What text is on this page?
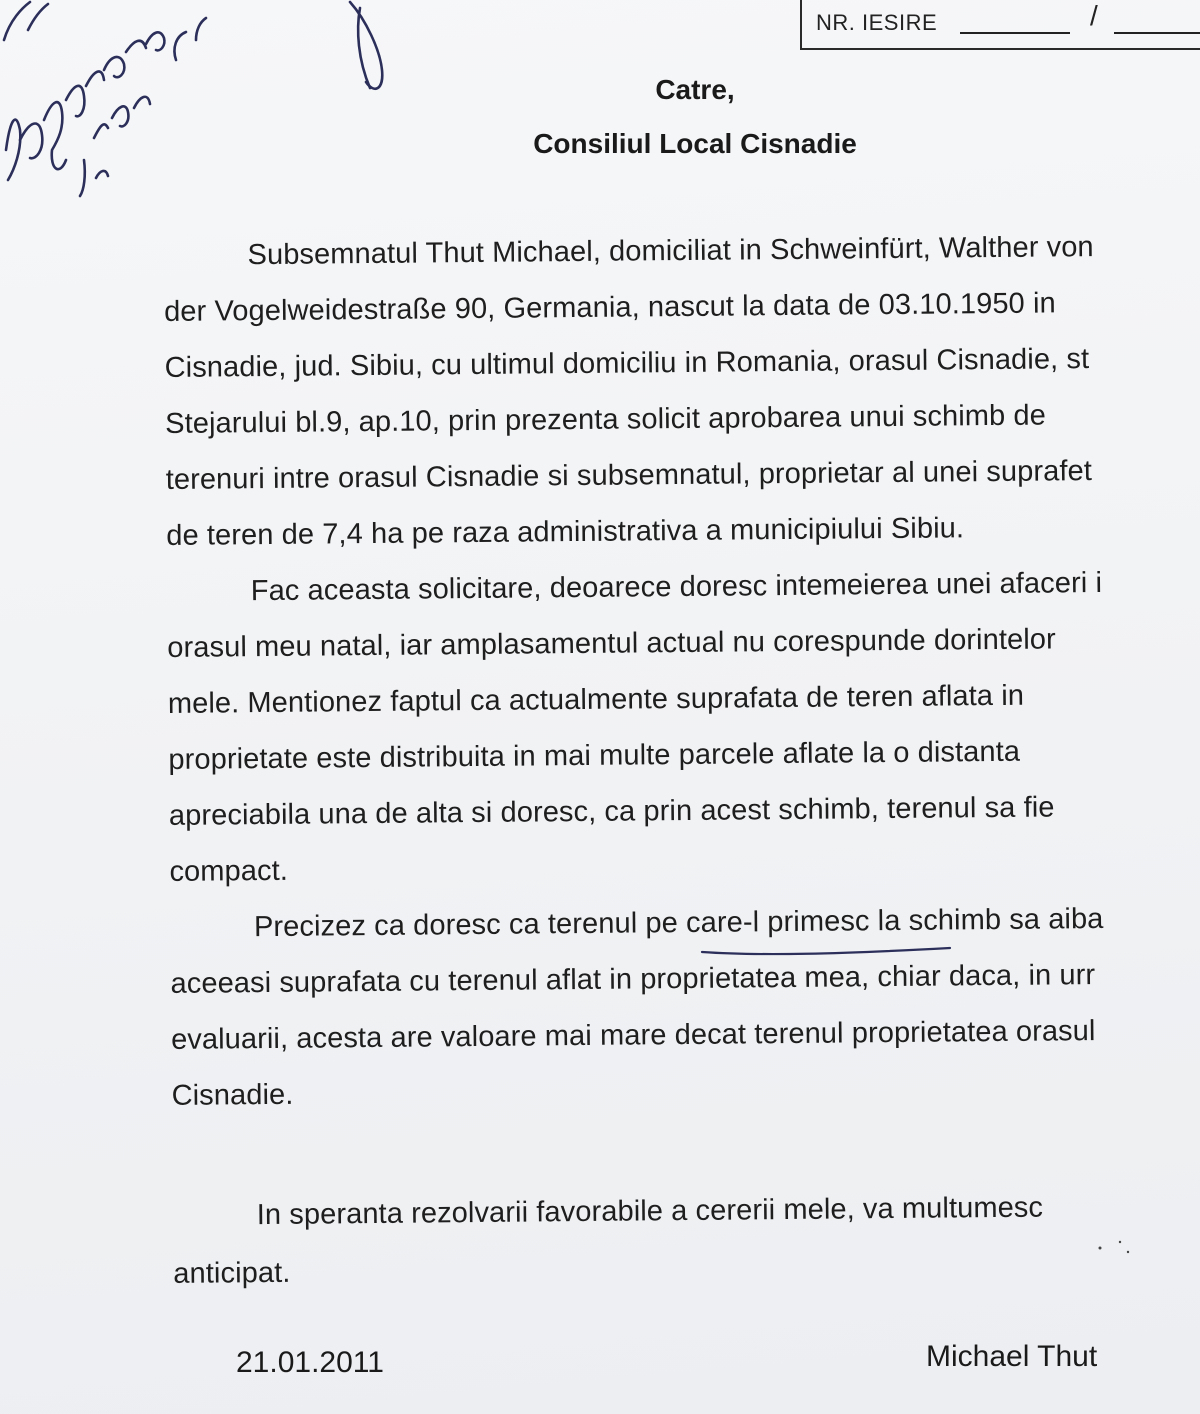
NR. IESIRE	/
Catre,
Consiliul Local Cisnadie
Subsemnatul Thut Michael, domiciliat in Schweinfürt, Walther von
der Vogelweidestraße 90, Germania, nascut la data de 03.10.1950 in
Cisnadie, jud. Sibiu, cu ultimul domiciliu in Romania, orasul Cisnadie, st
Stejarului bl.9, ap.10, prin prezenta solicit aprobarea unui schimb de
terenuri intre orasul Cisnadie si subsemnatul, proprietar al unei suprafet
de teren de 7,4 ha pe raza administrativa a municipiului Sibiu.
Fac aceasta solicitare, deoarece doresc intemeierea unei afaceri i
orasul meu natal, iar amplasamentul actual nu corespunde dorintelor
mele. Mentionez faptul ca actualmente suprafata de teren aflata in
proprietate este distribuita in mai multe parcele aflate la o distanta
apreciabila una de alta si doresc, ca prin acest schimb, terenul sa fie
compact.
Precizez ca doresc ca terenul pe care-l primesc la schimb sa aiba
aceeasi suprafata cu terenul aflat in proprietatea mea, chiar daca, in urr
evaluarii, acesta are valoare mai mare decat terenul proprietatea orasul
Cisnadie.
In speranta rezolvarii favorabile a cererii mele, va multumesc
anticipat.
21.01.2011	Michael Thut
